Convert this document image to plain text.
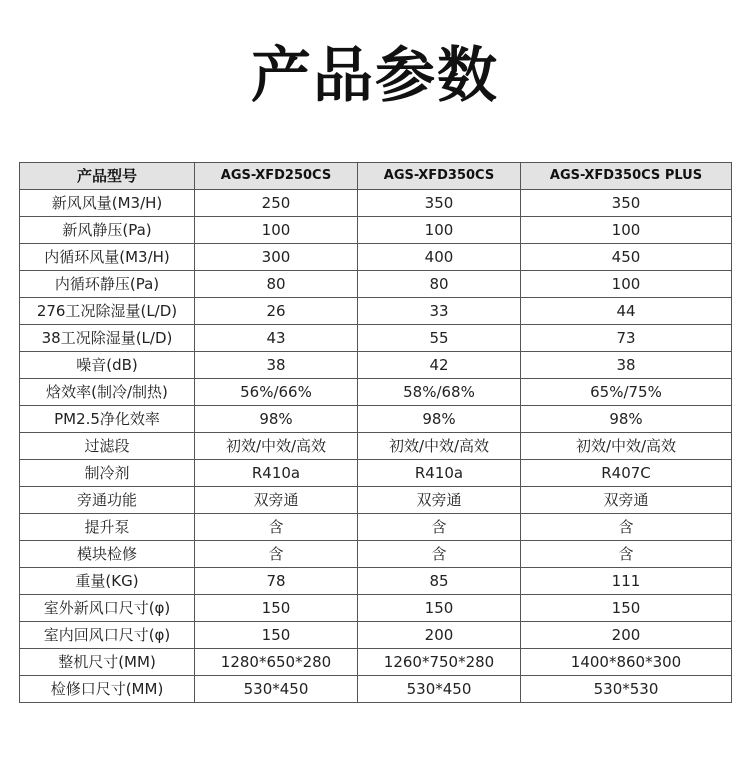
产品参数
产品型号	AGS-XFD250CS	AGS-XFD350CS	AGS-XFD350CS PLUS
新风风量(M3/H)	250	350	350
新风静压(Pa)	100	100	100
内循环风量(M3/H)	300	400	450
内循环静压(Pa)	80	80	100
276工况除湿量(L/D)	26	33	44
38工况除湿量(L/D)	43	55	73
噪音(dB)	38	42	38
焓效率(制冷/制热)	56%/66%	58%/68%	65%/75%
PM2.5净化效率	98%	98%	98%
过滤段	初效/中效/高效	初效/中效/高效	初效/中效/高效
制冷剂	R410a	R410a	R407C
旁通功能	双旁通	双旁通	双旁通
提升泵	含	含	含
模块检修	含	含	含
重量(KG)	78	85	111
室外新风口尺寸(φ)	150	150	150
室内回风口尺寸(φ)	150	200	200
整机尺寸(MM)	1280*650*280	1260*750*280	1400*860*300
检修口尺寸(MM)	530*450	530*450	530*530
